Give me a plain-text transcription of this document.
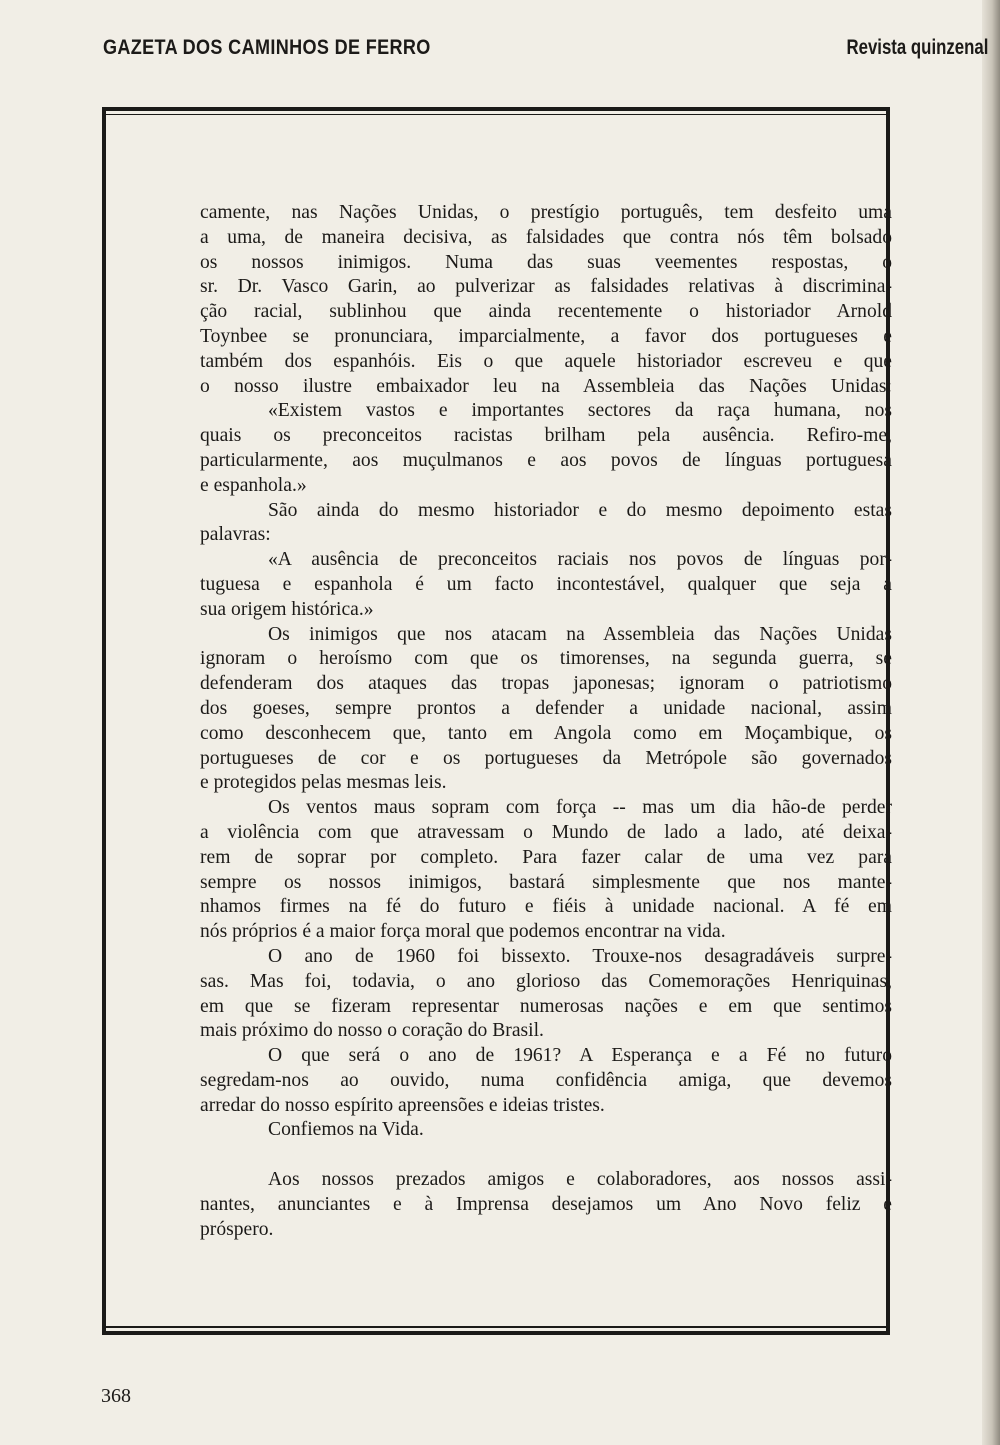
GAZETA DOS CAMINHOS DE FERRO	Revista quinzenal
camente, nas Nações Unidas, o prestígio português, tem desfeito uma
a uma, de maneira decisiva, as falsidades que contra nós têm bolsado
os nossos inimigos. Numa das suas veementes respostas, o
sr. Dr. Vasco Garin, ao pulverizar as falsidades relativas à discrimina-
ção racial, sublinhou que ainda recentemente o historiador Arnold
Toynbee se pronunciara, imparcialmente, a favor dos portugueses e
também dos espanhóis. Eis o que aquele historiador escreveu e que
o nosso ilustre embaixador leu na Assembleia das Nações Unidas:
«Existem vastos e importantes sectores da raça humana, nos
quais os preconceitos racistas brilham pela ausência. Refiro-me,
particularmente, aos muçulmanos e aos povos de línguas portuguesa
e espanhola.»
São ainda do mesmo historiador e do mesmo depoimento estas
palavras:
«A ausência de preconceitos raciais nos povos de línguas por-
tuguesa e espanhola é um facto incontestável, qualquer que seja a
sua origem histórica.»
Os inimigos que nos atacam na Assembleia das Nações Unidas
ignoram o heroísmo com que os timorenses, na segunda guerra, se
defenderam dos ataques das tropas japonesas; ignoram o patriotismo
dos goeses, sempre prontos a defender a unidade nacional, assim
como desconhecem que, tanto em Angola como em Moçambique, os
portugueses de cor e os portugueses da Metrópole são governados
e protegidos pelas mesmas leis.
Os ventos maus sopram com força -- mas um dia hão-de perder
a violência com que atravessam o Mundo de lado a lado, até deixa-
rem de soprar por completo. Para fazer calar de uma vez para
sempre os nossos inimigos, bastará simplesmente que nos mante-
nhamos firmes na fé do futuro e fiéis à unidade nacional. A fé em
nós próprios é a maior força moral que podemos encontrar na vida.
O ano de 1960 foi bissexto. Trouxe-nos desagradáveis surpre-
sas. Mas foi, todavia, o ano glorioso das Comemorações Henriquinas,
em que se fizeram representar numerosas nações e em que sentimos
mais próximo do nosso o coração do Brasil.
O que será o ano de 1961? A Esperança e a Fé no futuro
segredam-nos ao ouvido, numa confidência amiga, que devemos
arredar do nosso espírito apreensões e ideias tristes.
Confiemos na Vida.
Aos nossos prezados amigos e colaboradores, aos nossos assi-
nantes, anunciantes e à Imprensa desejamos um Ano Novo feliz e
próspero.
368
